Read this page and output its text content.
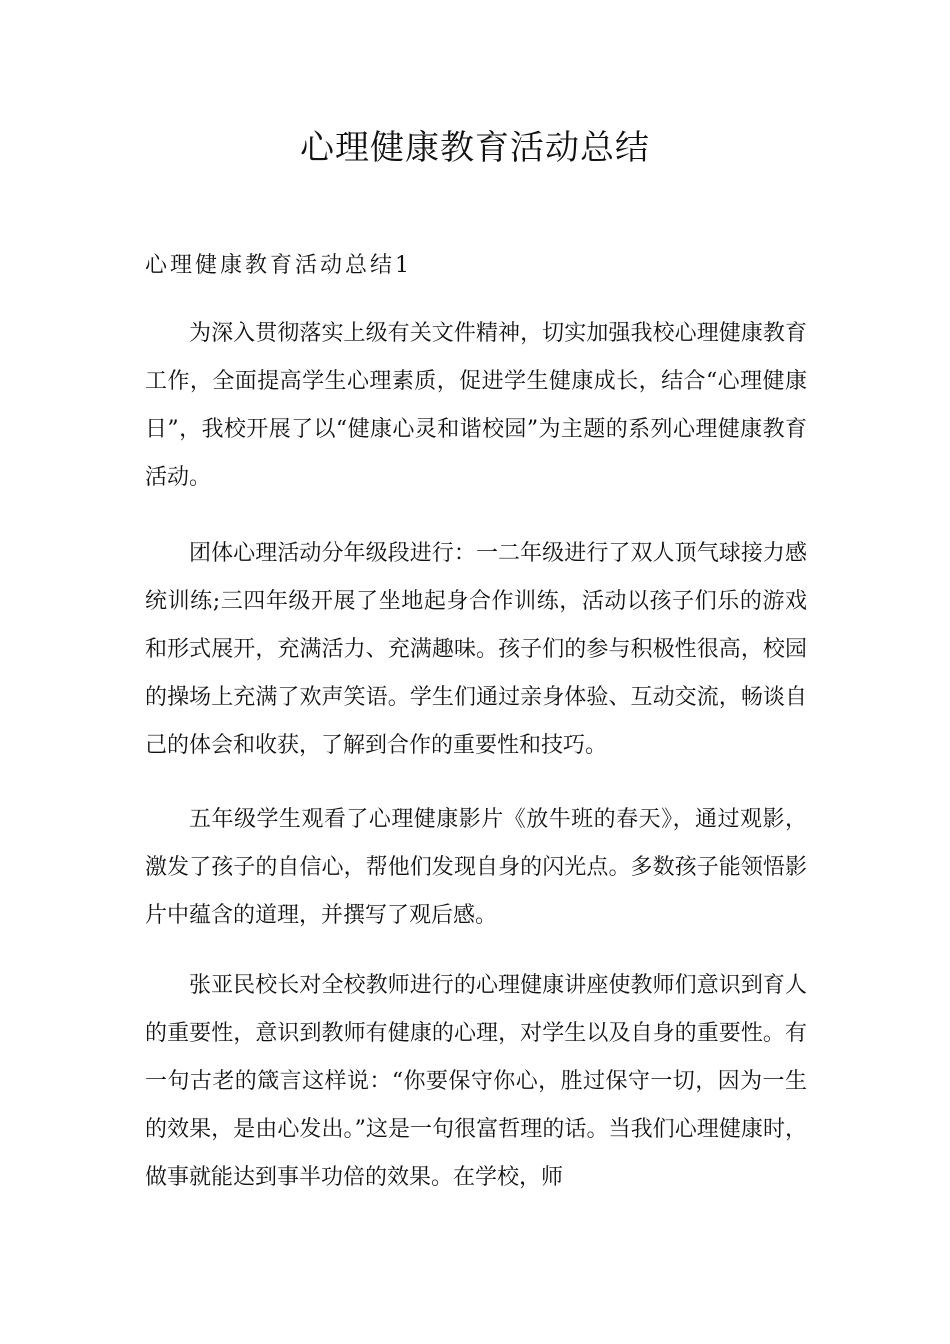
心理健康教育活动总结
心理健康教育活动总结1

为深入贯彻落实上级有关文件精神，切实加强我校心理健康教育工作，全面提高学生心理素质，促进学生健康成长，结合“心理健康日”，我校开展了以“健康心灵和谐校园”为主题的系列心理健康教育活动。

团体心理活动分年级段进行：一二年级进行了双人顶气球接力感统训练;三四年级开展了坐地起身合作训练，活动以孩子们乐的游戏和形式展开，充满活力、充满趣味。孩子们的参与积极性很高，校园的操场上充满了欢声笑语。学生们通过亲身体验、互动交流，畅谈自己的体会和收获，了解到合作的重要性和技巧。

五年级学生观看了心理健康影片《放牛班的春天》，通过观影，激发了孩子的自信心，帮他们发现自身的闪光点。多数孩子能领悟影片中蕴含的道理，并撰写了观后感。

张亚民校长对全校教师进行的心理健康讲座使教师们意识到育人的重要性，意识到教师有健康的心理，对学生以及自身的重要性。有一句古老的箴言这样说：“你要保守你心，胜过保守一切，因为一生的效果，是由心发出。”这是一句很富哲理的话。当我们心理健康时，做事就能达到事半功倍的效果。在学校，师
